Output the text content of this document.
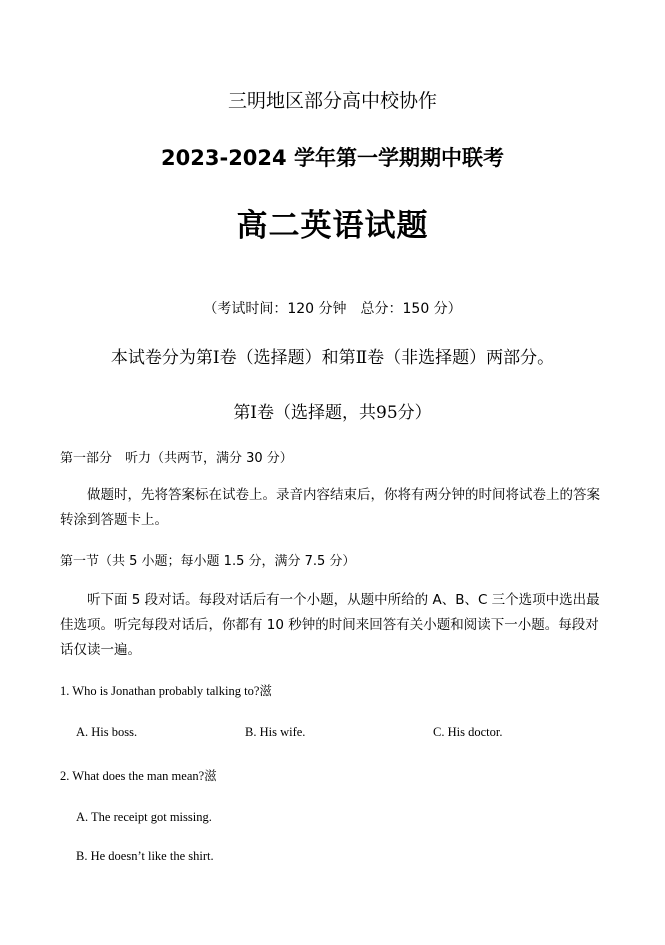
三明地区部分高中校协作
2023-2024 学年第一学期期中联考
高二英语试题
（考试时间：120 分钟　总分：150 分）
本试卷分为第Ⅰ卷（选择题）和第Ⅱ卷（非选择题）两部分。
第Ⅰ卷（选择题，共95分）
第一部分　听力（共两节，满分 30 分）
做题时，先将答案标在试卷上。录音内容结束后，你将有两分钟的时间将试卷上的答案转涂到答题卡上。
第一节（共 5 小题；每小题 1.5 分，满分 7.5 分）
听下面 5 段对话。每段对话后有一个小题，从题中所给的 A、B、C 三个选项中选出最佳选项。听完每段对话后，你都有 10 秒钟的时间来回答有关小题和阅读下一小题。每段对话仅读一遍。
1. Who is Jonathan probably talking to?滋
A. His boss.	B. His wife.	C. His doctor.
2. What does the man mean?滋
A. The receipt got missing.
B. He doesn’t like the shirt.
